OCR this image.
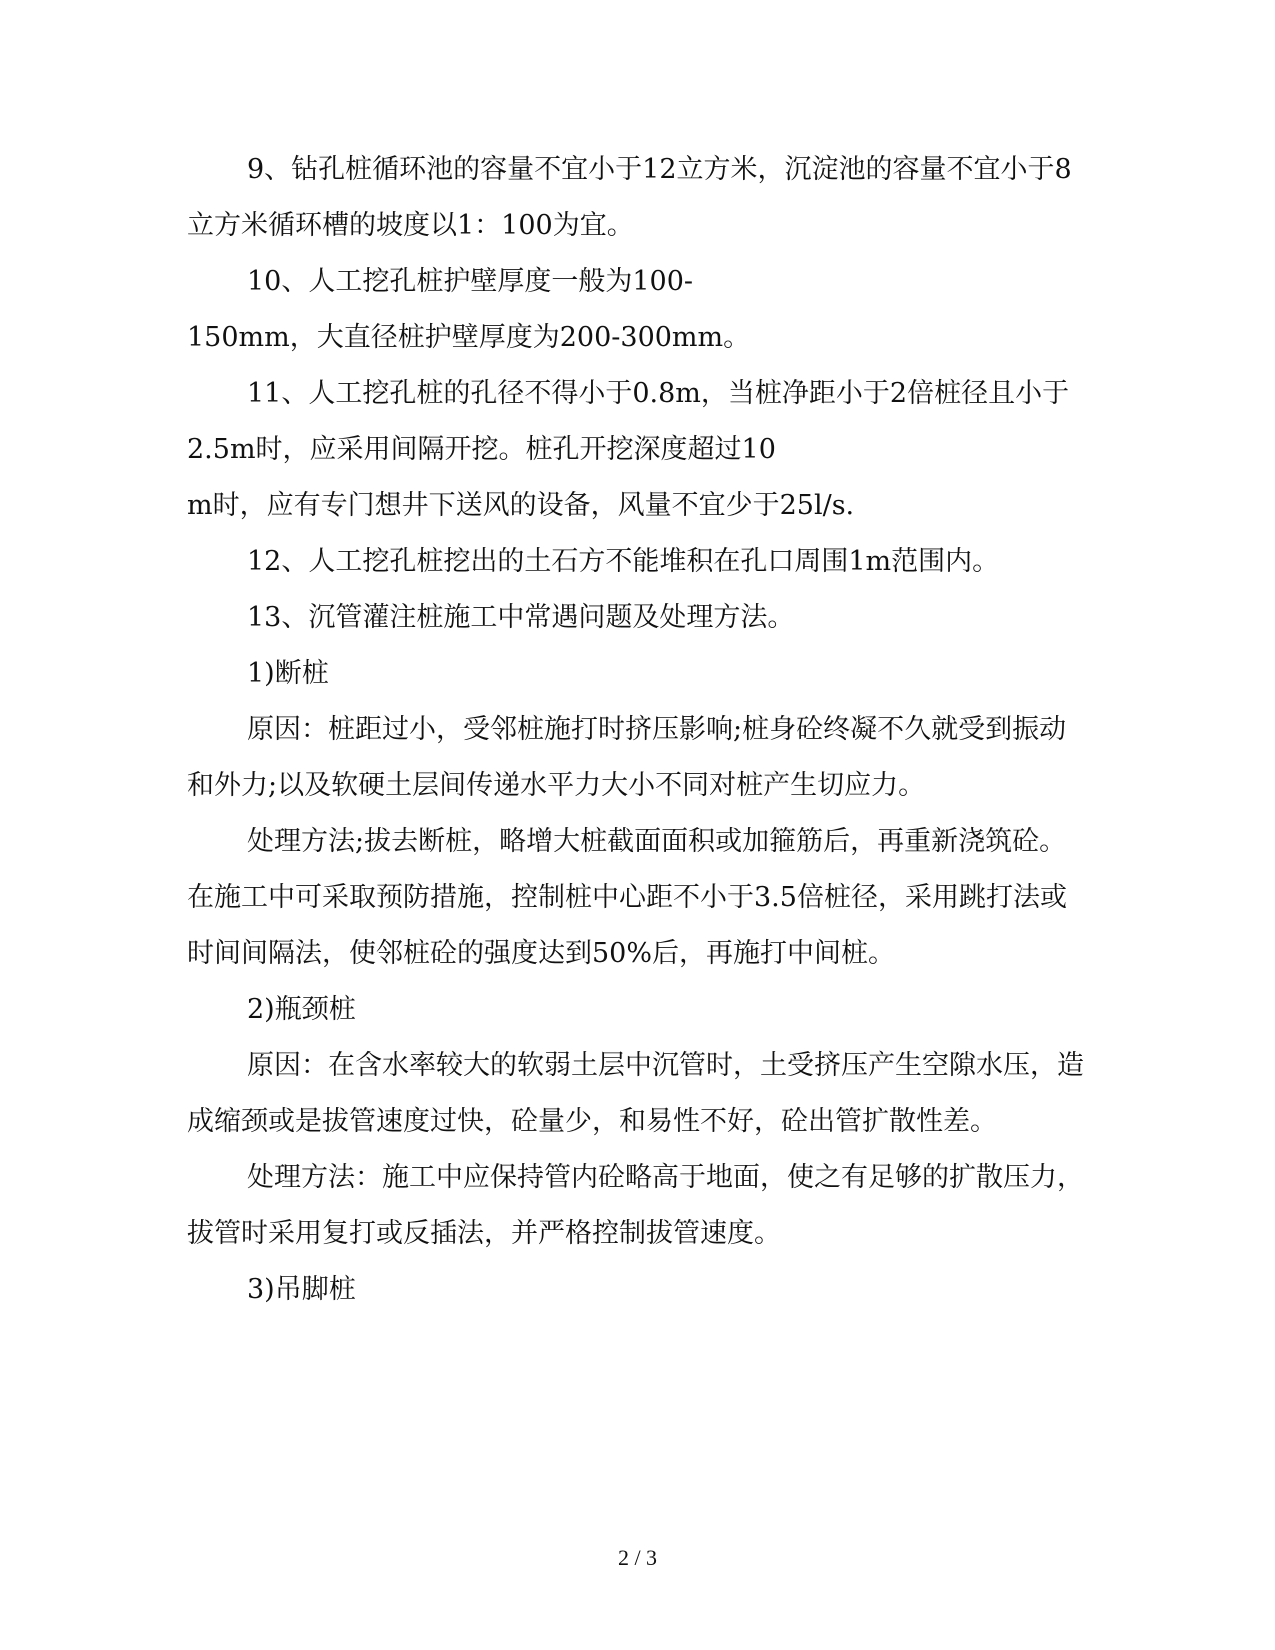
9、钻孔桩循环池的容量不宜小于12立方米，沉淀池的容量不宜小于8立方米循环槽的坡度以1：100为宜。

10、人工挖孔桩护壁厚度一般为100-

150mm，大直径桩护壁厚度为200-300mm。

11、人工挖孔桩的孔径不得小于0.8m，当桩净距小于2倍桩径且小于2.5m时，应采用间隔开挖。桩孔开挖深度超过10

m时，应有专门想井下送风的设备，风量不宜少于25l/s.

12、人工挖孔桩挖出的土石方不能堆积在孔口周围1m范围内。

13、沉管灌注桩施工中常遇问题及处理方法。

1)断桩

原因：桩距过小，受邻桩施打时挤压影响;桩身砼终凝不久就受到振动和外力;以及软硬土层间传递水平力大小不同对桩产生切应力。

处理方法;拔去断桩，略增大桩截面面积或加箍筋后，再重新浇筑砼。在施工中可采取预防措施，控制桩中心距不小于3.5倍桩径，采用跳打法或时间间隔法，使邻桩砼的强度达到50%后，再施打中间桩。

2)瓶颈桩

原因：在含水率较大的软弱土层中沉管时，土受挤压产生空隙水压，造成缩颈或是拔管速度过快，砼量少，和易性不好，砼出管扩散性差。

处理方法：施工中应保持管内砼略高于地面，使之有足够的扩散压力，拔管时采用复打或反插法，并严格控制拔管速度。

3)吊脚桩

2 / 3
